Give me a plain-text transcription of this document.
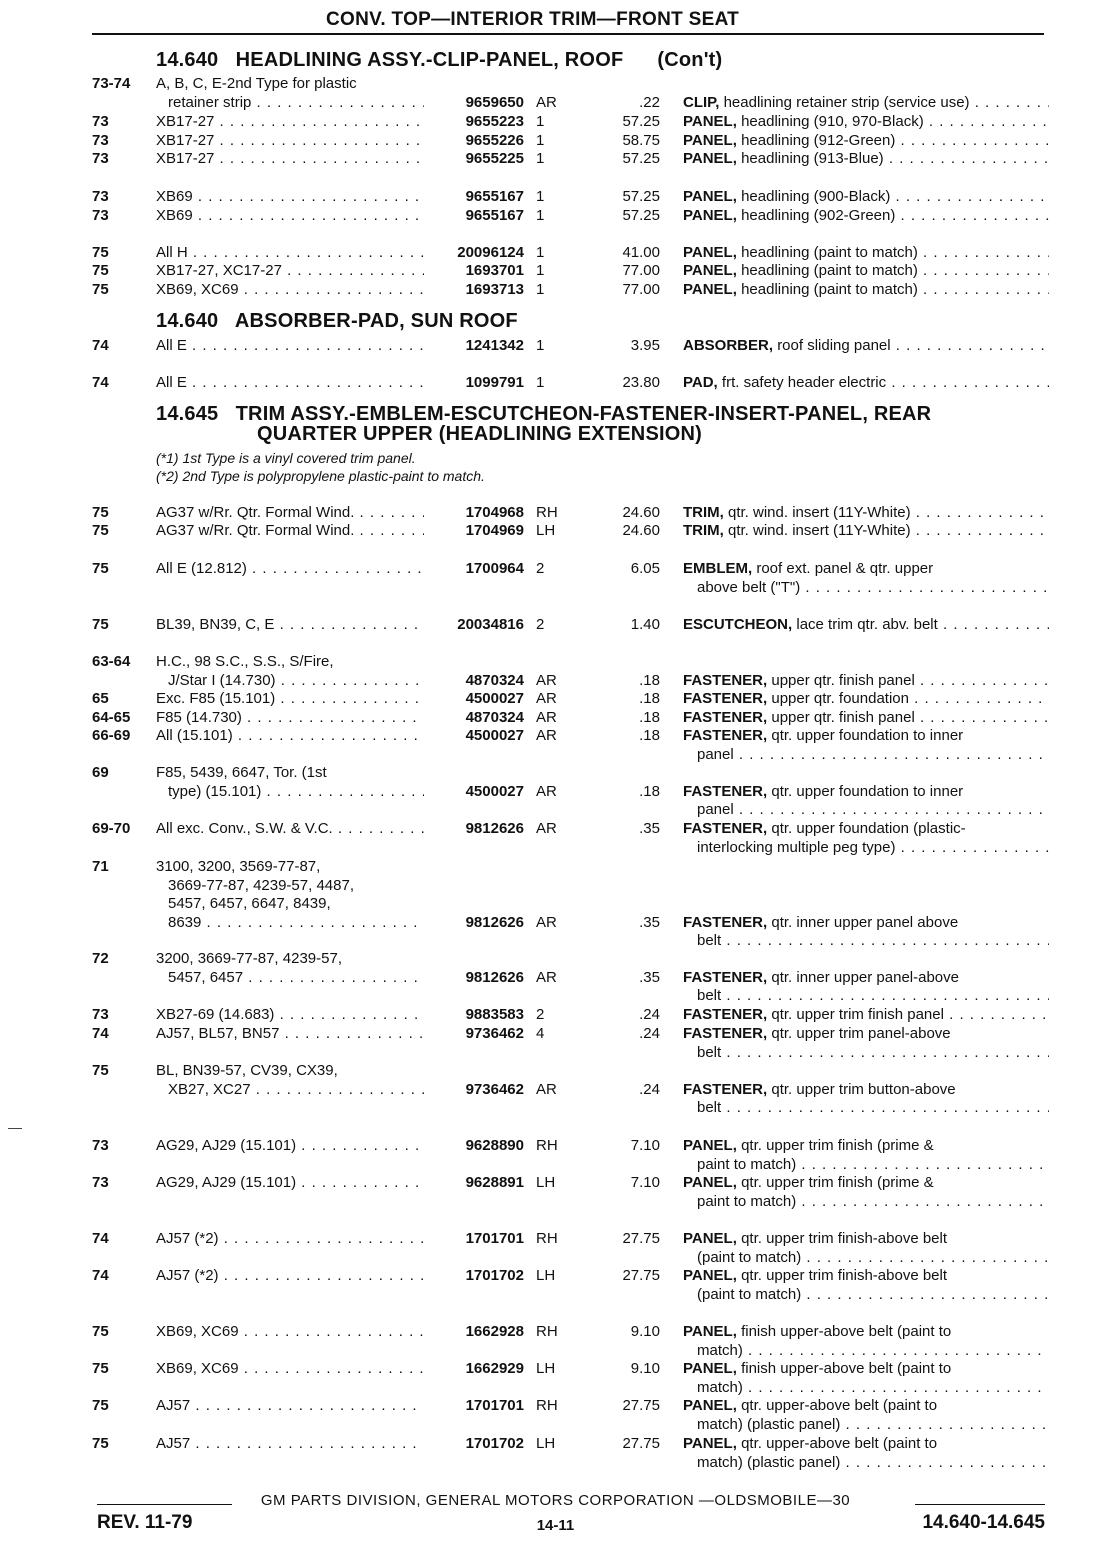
CONV. TOP—INTERIOR TRIM—FRONT SEAT
14.640   HEADLINING ASSY.-CLIP-PANEL, ROOF (Con't)
14.640   ABSORBER-PAD, SUN ROOF
14.645   TRIM ASSY.-EMBLEM-ESCUTCHEON-FASTENER-INSERT-PANEL, REAR
QUARTER UPPER (HEADLINING EXTENSION)
(*1) 1st Type is a vinyl covered trim panel.
(*2) 2nd Type is polypropylene plastic-paint to match.
73-74 A, B, C, E-2nd Type for plastic
retainer strip . . .	9659650 AR	.22 CLIP, headlining retainer strip (service use) . . .
73	XB17-27 . . .	9655223 1	57.25 PANEL, headlining (910, 970-Black) . . .
73	XB17-27 . . .	9655226 1	58.75 PANEL, headlining (912-Green) . . .
73	XB17-27 . . .	9655225 1	57.25 PANEL, headlining (913-Blue) . . .
73	XB69 . . .	9655167 1	57.25 PANEL, headlining (900-Black) . . .
73	XB69 . . .	9655167 1	57.25 PANEL, headlining (902-Green) . . .
75	All H . . .	20096124 1	41.00 PANEL, headlining (paint to match) . . .
75	XB17-27, XC17-27 . . .	1693701 1	77.00 PANEL, headlining (paint to match) . . .
75	XB69, XC69 . . .	1693713 1	77.00 PANEL, headlining (paint to match) . . .
74	All E . . .	1241342 1	3.95 ABSORBER, roof sliding panel . . .
74	All E . . .	1099791 1	23.80 PAD, frt. safety header electric . . .
75	AG37 w/Rr. Qtr. Formal Wind. . . .	1704968 RH	24.60 TRIM, qtr. wind. insert (11Y-White) . . .
75	AG37 w/Rr. Qtr. Formal Wind. . . .	1704969 LH	24.60 TRIM, qtr. wind. insert (11Y-White) . . .
75	All E (12.812) . . .	1700964 2	6.05 EMBLEM, roof ext. panel & qtr. upper
above belt ("T") . . .
75	BL39, BN39, C, E . . .	20034816 2	1.40 ESCUTCHEON, lace trim qtr. abv. belt . . .
63-64 H.C., 98 S.C., S.S., S/Fire,
J/Star I (14.730) . . .	4870324 AR	.18 FASTENER, upper qtr. finish panel . . .
65	Exc. F85 (15.101) . . .	4500027 AR	.18 FASTENER, upper qtr. foundation . . .
64-65 F85 (14.730) . . .	4870324 AR	.18 FASTENER, upper qtr. finish panel . . .
66-69 All (15.101) . . .	4500027 AR	.18 FASTENER, qtr. upper foundation to inner
panel . . .
69	F85, 5439, 6647, Tor. (1st
type) (15.101) . . .	4500027 AR	.18 FASTENER, qtr. upper foundation to inner
panel . . .
69-70 All exc. Conv., S.W. & V.C. . . .	9812626 AR	.35 FASTENER, qtr. upper foundation (plastic-
interlocking multiple peg type) . . .
71	3100, 3200, 3569-77-87,
3669-77-87, 4239-57, 4487,
5457, 6457, 6647, 8439,
8639 . . .	9812626 AR	.35 FASTENER, qtr. inner upper panel above
belt . . .
72	3200, 3669-77-87, 4239-57,
5457, 6457 . . .	9812626 AR	.35 FASTENER, qtr. inner upper panel-above
belt . . .
73	XB27-69 (14.683) . . .	9883583 2	.24 FASTENER, qtr. upper trim finish panel . . .
74	AJ57, BL57, BN57 . . .	9736462 4	.24 FASTENER, qtr. upper trim panel-above
belt . . .
75	BL, BN39-57, CV39, CX39,
XB27, XC27 . . .	9736462 AR	.24 FASTENER, qtr. upper trim button-above
belt . . .
73	AG29, AJ29 (15.101) . . .	9628890 RH	7.10 PANEL, qtr. upper trim finish (prime &
paint to match) . . .
73	AG29, AJ29 (15.101) . . .	9628891 LH	7.10 PANEL, qtr. upper trim finish (prime &
paint to match) . . .
74	AJ57 (*2) . . .	1701701 RH	27.75 PANEL, qtr. upper trim finish-above belt
(paint to match) . . .
74	AJ57 (*2) . . .	1701702 LH	27.75 PANEL, qtr. upper trim finish-above belt
(paint to match) . . .
75	XB69, XC69 . . .	1662928 RH	9.10 PANEL, finish upper-above belt (paint to
match) . . .
75	XB69, XC69 . . .	1662929 LH	9.10 PANEL, finish upper-above belt (paint to
match) . . .
75	AJ57 . . .	1701701 RH	27.75 PANEL, qtr. upper-above belt (paint to
match) (plastic panel) . . .
75	AJ57 . . .	1701702 LH	27.75 PANEL, qtr. upper-above belt (paint to
match) (plastic panel) . . .
GM PARTS DIVISION, GENERAL MOTORS CORPORATION —OLDSMOBILE—30
REV. 11-79	14-11	14.640-14.645
